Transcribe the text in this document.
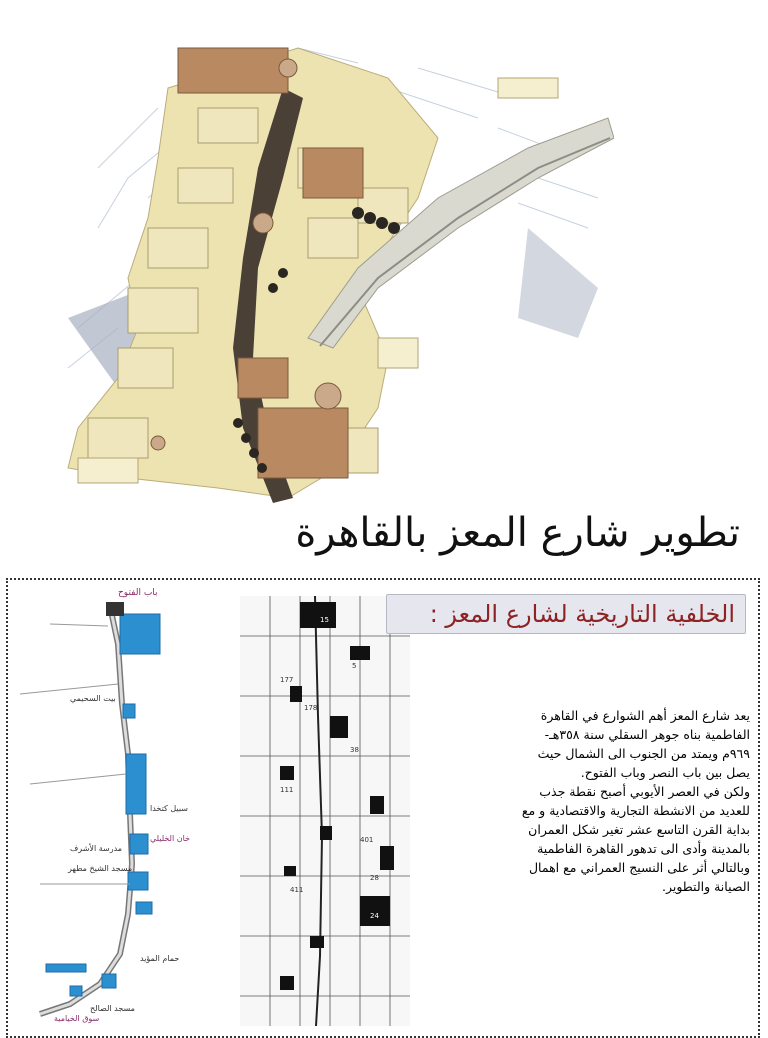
تطوير شارع المعز بالقاهرة
باب الفتوح
بيت السحيمي
خان الخليلي
مدرسة الأشرف
مسجد الشيخ مطهر
سبيل كتخدا
حمام المؤيد
سوق الخيامية
مسجد الصالح
15
5
177
178
38
111
401
28
24
411
الخلفية التاريخية لشارع المعز :
يعد شارع المعز أهم الشوارع في القاهرة الفاطمية بناه جوهر السقلي سنة ٣٥٨هـ- ٩٦٩م ويمتد من الجنوب الى الشمال حيث يصل بين باب النصر وباب الفتوح.
ولكن في العصر الأيوبي أصبح نقطة جذب للعديد من الانشطة التجارية والاقتصادية و مع بداية القرن التاسع عشر تغير شكل العمران بالمدينة وأدى الى تدهور القاهرة الفاطمية وبالتالي أثر على النسيج العمراني مع اهمال الصيانة والتطوير.
